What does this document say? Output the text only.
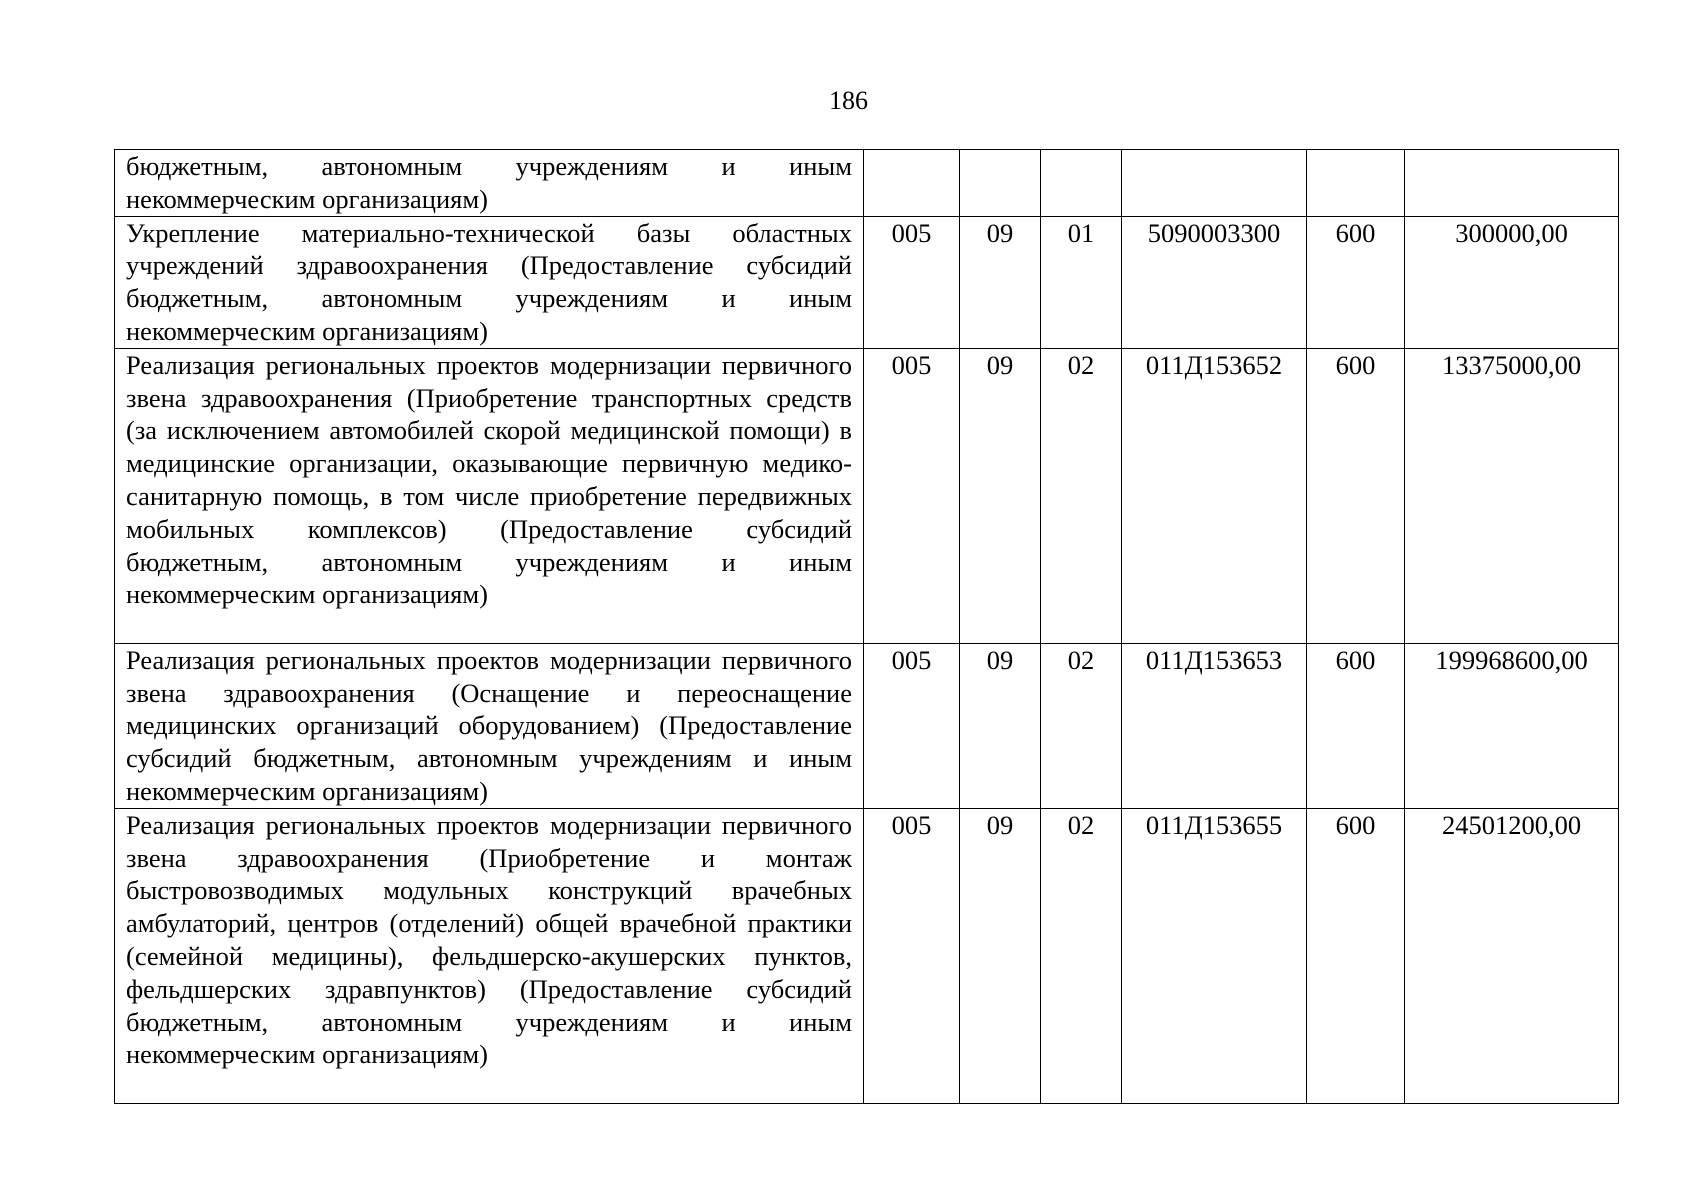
186
бюджетным, автономным учреждениям и иным некоммерческим организациям)						
Укрепление материально-технической базы областных учреждений здравоохранения (Предоставление субсидий бюджетным, автономным учреждениям и иным некоммерческим организациям)	005	09	01	5090003300	600	300000,00
Реализация региональных проектов модернизации первичного звена здравоохранения (Приобретение транспортных средств (за исключением автомобилей скорой медицинской помощи) в медицинские организации, оказывающие первичную медико-санитарную помощь, в том числе приобретение передвижных мобильных комплексов) (Предоставление субсидий бюджетным, автономным учреждениям и иным некоммерческим организациям)	005	09	02	011Д153652	600	13375000,00
Реализация региональных проектов модернизации первичного звена здравоохранения (Оснащение и переоснащение медицинских организаций оборудованием) (Предоставление субсидий бюджетным, автономным учреждениям и иным некоммерческим организациям)	005	09	02	011Д153653	600	199968600,00
Реализация региональных проектов модернизации первичного звена здравоохранения (Приобретение и монтаж быстровозводимых модульных конструкций врачебных амбулаторий, центров (отделений) общей врачебной практики (семейной медицины), фельдшерско-акушерских пунктов, фельдшерских здравпунктов) (Предоставление субсидий бюджетным, автономным учреждениям и иным некоммерческим организациям)	005	09	02	011Д153655	600	24501200,00
